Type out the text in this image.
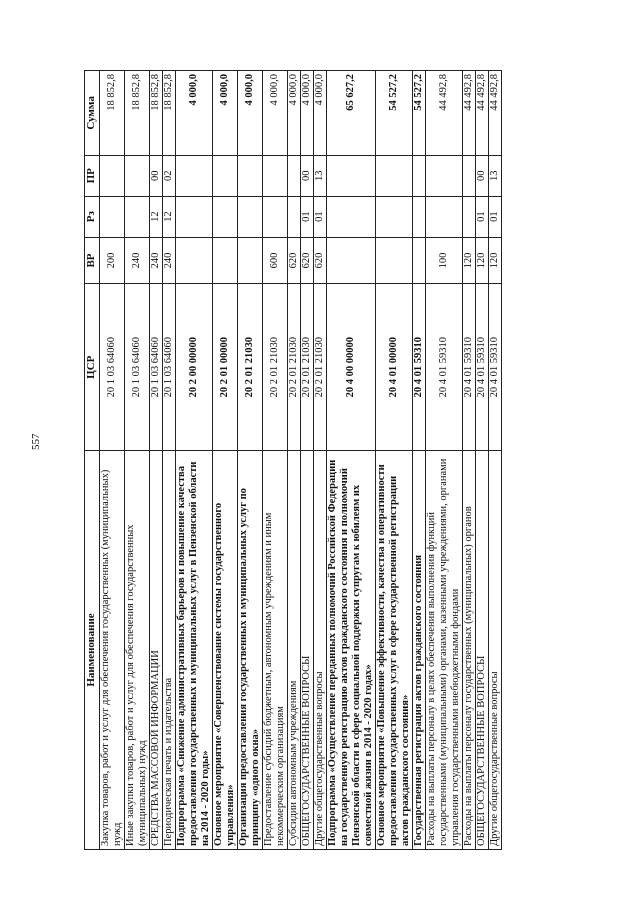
557
Наименование	ЦСР	ВР	Рз	ПР	Сумма
Закупка товаров, работ и услуг для обеспечения государственных (муниципальных) нужд	20 1 03 64060	200			18 852,8
Иные закупки товаров, работ и услуг для обеспечения государственных (муниципальных) нужд	20 1 03 64060	240			18 852,8
СРЕДСТВА МАССОВОЙ ИНФОРМАЦИИ	20 1 03 64060	240	12	00	18 852,8
Периодическая печать и издательства	20 1 03 64060	240	12	02	18 852,8
Подпрограмма «Снижение административных барьеров и повышение качества предоставления государственных и муниципальных услуг в Пензенской области на 2014 - 2020 годы»	20 2 00 00000				4 000,0
Основное мероприятие «Совершенствование системы государственного управления»	20 2 01 00000				4 000,0
Организация предоставления государственных и муниципальных услуг по принципу «одного окна»	20 2 01 21030				4 000,0
Предоставление субсидий бюджетным, автономным учреждениям и иным некоммерческим организациям	20 2 01 21030	600			4 000,0
Субсидии автономным учреждениям	20 2 01 21030	620			4 000,0
ОБЩЕГОСУДАРСТВЕННЫЕ ВОПРОСЫ	20 2 01 21030	620	01	00	4 000,0
Другие общегосударственные вопросы	20 2 01 21030	620	01	13	4 000,0
Подпрограмма «Осуществление переданных полномочий Российской Федерации на государственную регистрацию актов гражданского состояния и полномочий Пензенской области в сфере социальной поддержки супругам к юбилеям их совместной жизни в 2014 - 2020 годах»	20 4 00 00000				65 627,2
Основное мероприятие «Повышение эффективности, качества и оперативности предоставления государственных услуг в сфере государственной регистрации актов гражданского состояния»	20 4 01 00000				54 527,2
Государственная регистрация актов гражданского состояния	20 4 01 59310				54 527,2
Расходы на выплаты персоналу в целях обеспечения выполнения функций государственными (муниципальными) органами, казенными учреждениями, органами управления государственными внебюджетными фондами	20 4 01 59310	100			44 492,8
Расходы на выплаты персоналу государственных (муниципальных) органов	20 4 01 59310	120			44 492,8
ОБЩЕГОСУДАРСТВЕННЫЕ ВОПРОСЫ	20 4 01 59310	120	01	00	44 492,8
Другие общегосударственные вопросы	20 4 01 59310	120	01	13	44 492,8
